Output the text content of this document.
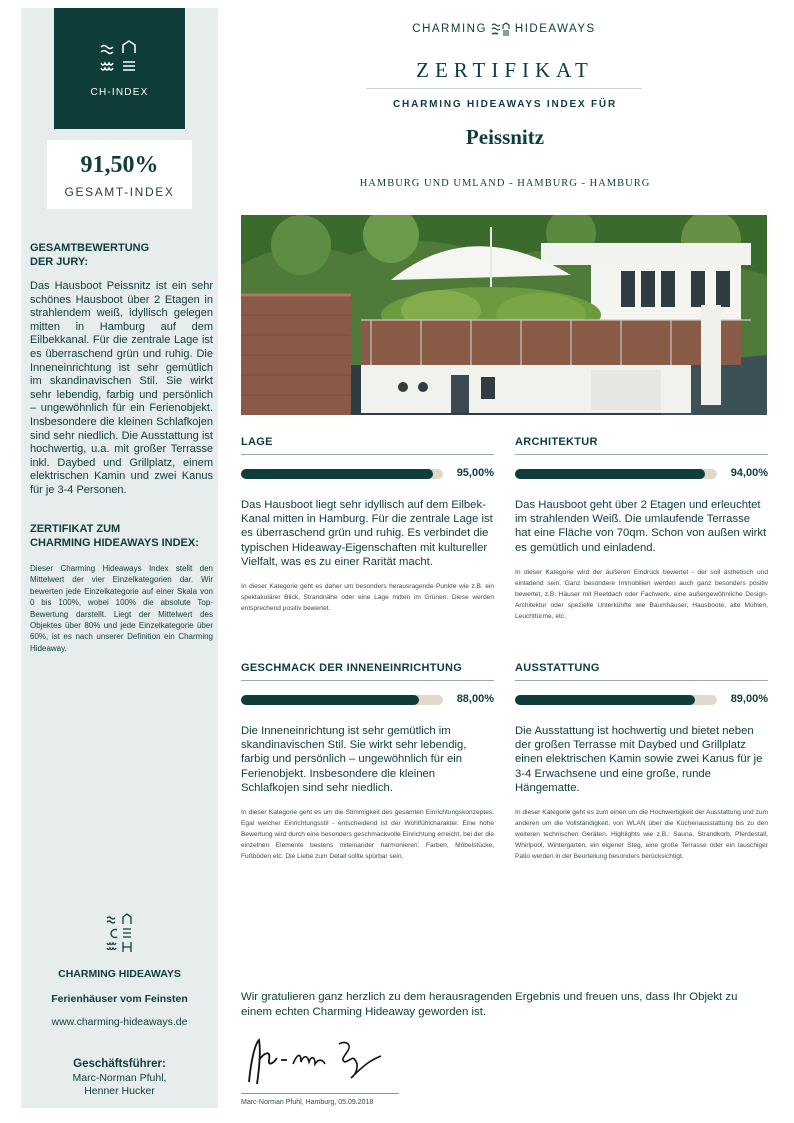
CH-INDEX
91,50%
GESAMT-INDEX
GESAMTBEWERTUNG
DER JURY:
Das Hausboot Peissnitz ist ein sehr schönes Hausboot über 2 Etagen in strahlendem weiß, idyllisch gelegen mitten in Hamburg auf dem Eilbekkanal. Für die zentrale Lage ist es überraschend grün und ruhig. Die Inneneinrichtung ist sehr gemütlich im skandinavischen Stil. Sie wirkt sehr lebendig, farbig und persönlich – ungewöhnlich für ein Ferienobjekt. Insbesondere die kleinen Schlafkojen sind sehr niedlich. Die Ausstattung ist hochwertig, u.a. mit großer Terrasse inkl. Daybed und Grillplatz, einem elektrischen Kamin und zwei Kanus für je 3-4 Personen.
ZERTIFIKAT ZUM
CHARMING HIDEAWAYS INDEX:
Dieser Charming Hideaways Index stellt den Mittelwert der vier Einzelkategorien dar. Wir bewerten jede Einzelkategorie auf einer Skala von 0 bis 100%, wobei 100% die absolute Top-Bewertung darstellt. Liegt der Mittelwert des Objektes über 80% und jede Einzelkategorie über 60%, ist es nach unserer Definition ein Charming Hideaway.
CHARMING HIDEAWAYS
Ferienhäuser vom Feinsten
www.charming-hideaways.de
Geschäftsführer:
Marc-Norman Pfuhl,
Henner Hucker
CHARMING HIDEAWAYS
ZERTIFIKAT
CHARMING HIDEAWAYS INDEX FÜR
Peissnitz
HAMBURG UND UMLAND - HAMBURG - HAMBURG
LAGE
95,00%
Das Hausboot liegt sehr idyllisch auf dem Eilbek-Kanal mitten in Hamburg. Für die zentrale Lage ist es überraschend grün und ruhig. Es verbindet die typischen Hideaway-Eigenschaften mit kultureller Vielfalt, was es zu einer Rarität macht.
In dieser Kategorie geht es daher um besonders herausragende Punkte wie z.B. ein spektakulärer Blick, Strandnähe oder eine Lage mitten im Grünen. Diese werden entsprechend positiv bewertet.
ARCHITEKTUR
94,00%
Das Hausboot geht über 2 Etagen und erleuchtet im strahlenden Weiß. Die umlaufende Terrasse hat eine Fläche von 70qm. Schon von außen wirkt es gemütlich und einladend.
In dieser Kategorie wird der äußeren Eindruck bewertet - der soll ästhetisch und einladend sein. Ganz besondere Immobilien werden auch ganz besonders positiv bewertet, z.B. Häuser mit Reetdach oder Fachwerk, eine außergewöhnliche Design-Architektur oder spezielle Unterkünfte wie Baumhäuser, Hausboote, alte Mühlen, Leuchttürme, etc.
GESCHMACK DER INNENEINRICHTUNG
88,00%
Die Inneneinrichtung ist sehr gemütlich im skandinavischen Stil. Sie wirkt sehr lebendig, farbig und persönlich – ungewöhnlich für ein Ferienobjekt. Insbesondere die kleinen Schlafkojen sind sehr niedlich.
In dieser Kategorie geht es um die Stimmigkeit des gesamten Einrichtungskonzeptes. Egal welcher Einrichtungsstil - entscheidend ist der Wohlfühlcharakter. Eine hohe Bewertung wird durch eine besonders geschmackvolle Einrichtung erreicht, bei der die einzelnen Elemente bestens miteinander harmonieren: Farben, Möbelstücke, Fußböden etc. Die Liebe zum Detail sollte spürbar sein.
AUSSTATTUNG
89,00%
Die Ausstattung ist hochwertig und bietet neben der großen Terrasse mit Daybed und Grillplatz einen elektrischen Kamin sowie zwei Kanus für je 3-4 Erwachsene und eine große, runde Hängematte.
In dieser Kategorie geht es zum einen um die Hochwertigkeit der Ausstattung und zum anderen um die Vollständigkeit, von WLAN über die Küchenausstattung bis zu den weiteren technischen Geräten. Highlights wie z.B.: Sauna, Strandkorb, Pferdestall, Whirlpool, Wintergarten, ein eigener Steg, eine große Terrasse oder ein lauschiger Patio werden in der Beurteilung besonders berücksichtigt.
Wir gratulieren ganz herzlich zu dem herausragenden Ergebnis und freuen uns, dass Ihr Objekt zu einem echten Charming Hideaway geworden ist.
Marc-Norman Pfuhl, Hamburg, 05.09.2018
